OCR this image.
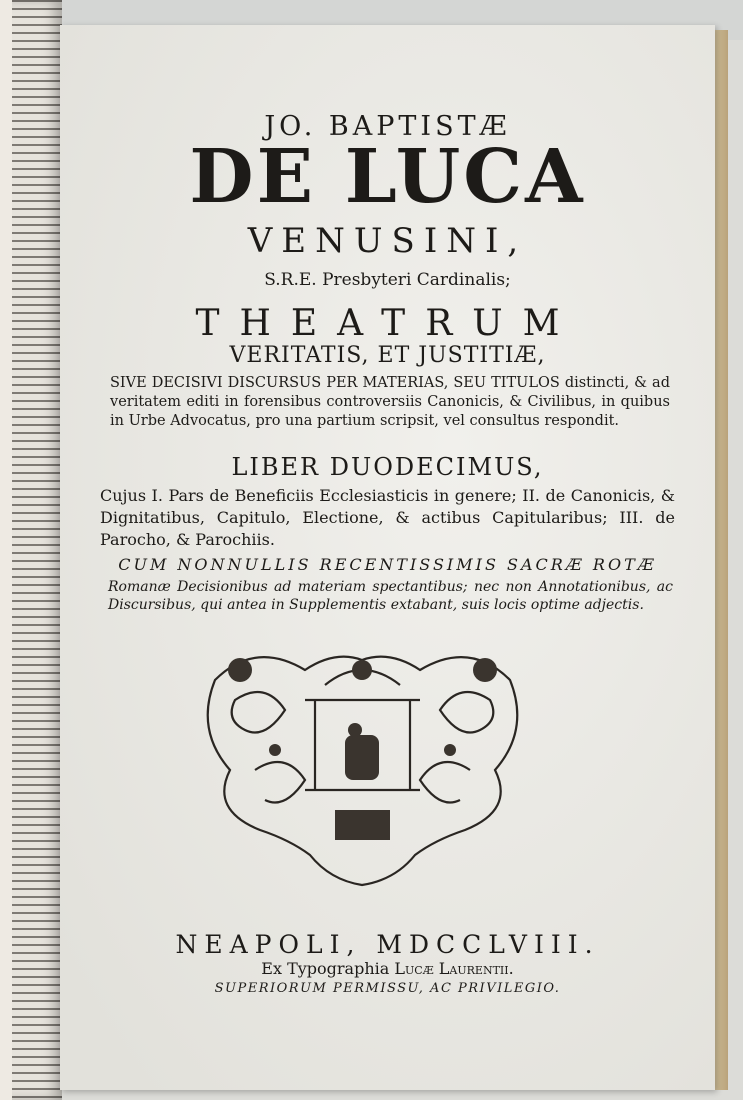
JO. BAPTISTÆ
DE LUCA
VENUSINI,
S.R.E. Presbyteri Cardinalis;
THEATRUM
VERITATIS, ET JUSTITIÆ,
SIVE DECISIVI DISCURSUS PER MATERIAS, SEU TITULOS distincti, & ad veritatem editi in forensibus controversiis Canonicis, & Civilibus, in quibus in Urbe Advocatus, pro una partium scripsit, vel consultus respondit.
LIBER DUODECIMUS,
Cujus I. Pars de Beneficiis Ecclesiasticis in genere; II. de Canonicis, & Dignitatibus, Capitulo, Electione, & actibus Capitularibus; III. de Parocho, & Parochiis.
CUM NONNULLIS RECENTISSIMIS SACRÆ ROTÆ
Romanæ Decisionibus ad materiam spectantibus; nec non Annotationibus, ac Discursibus, qui antea in Supplementis extabant, suis locis optime adjectis.
NEAPOLI, MDCCLVIII.
Ex Typographia Lucæ Laurentii.
SUPERIORUM PERMISSU, AC PRIVILEGIO.
